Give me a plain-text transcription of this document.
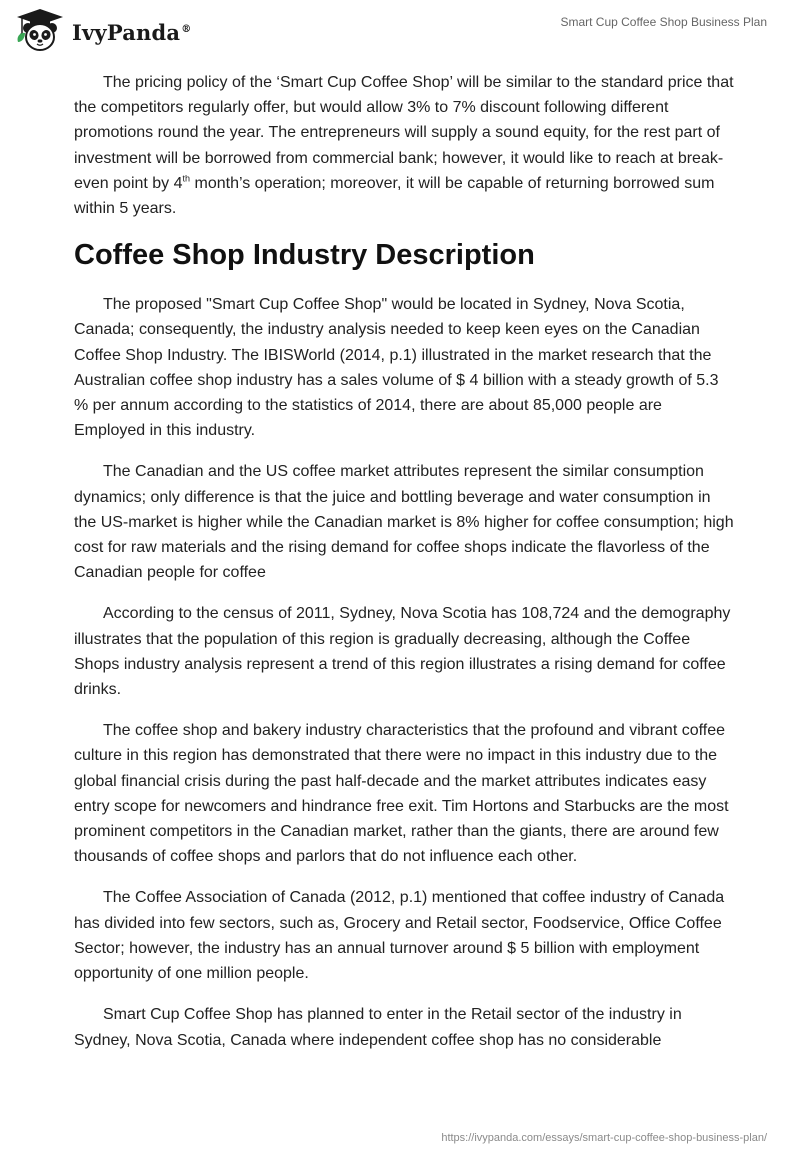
IvyPanda®	Smart Cup Coffee Shop Business Plan

The pricing policy of the ‘Smart Cup Coffee Shop’ will be similar to the standard price that the competitors regularly offer, but would allow 3% to 7% discount following different promotions round the year. The entrepreneurs will supply a sound equity, for the rest part of investment will be borrowed from commercial bank; however, it would like to reach at break-even point by 4th month’s operation; moreover, it will be capable of returning borrowed sum within 5 years.

Coffee Shop Industry Description

The proposed "Smart Cup Coffee Shop" would be located in Sydney, Nova Scotia, Canada; consequently, the industry analysis needed to keep keen eyes on the Canadian Coffee Shop Industry. The IBISWorld (2014, p.1) illustrated in the market research that the Australian coffee shop industry has a sales volume of $ 4 billion with a steady growth of 5.3 % per annum according to the statistics of 2014, there are about 85,000 people are Employed in this industry.

The Canadian and the US coffee market attributes represent the similar consumption dynamics; only difference is that the juice and bottling beverage and water consumption in the US-market is higher while the Canadian market is 8% higher for coffee consumption; high cost for raw materials and the rising demand for coffee shops indicate the flavorless of the Canadian people for coffee

According to the census of 2011, Sydney, Nova Scotia has 108,724 and the demography illustrates that the population of this region is gradually decreasing, although the Coffee Shops industry analysis represent a trend of this region illustrates a rising demand for coffee drinks.

The coffee shop and bakery industry characteristics that the profound and vibrant coffee culture in this region has demonstrated that there were no impact in this industry due to the global financial crisis during the past half-decade and the market attributes indicates easy entry scope for newcomers and hindrance free exit. Tim Hortons and Starbucks are the most prominent competitors in the Canadian market, rather than the giants, there are around few thousands of coffee shops and parlors that do not influence each other.

The Coffee Association of Canada (2012, p.1) mentioned that coffee industry of Canada has divided into few sectors, such as, Grocery and Retail sector, Foodservice, Office Coffee Sector; however, the industry has an annual turnover around $ 5 billion with employment opportunity of one million people.

Smart Cup Coffee Shop has planned to enter in the Retail sector of the industry in Sydney, Nova Scotia, Canada where independent coffee shop has no considerable

https://ivypanda.com/essays/smart-cup-coffee-shop-business-plan/
